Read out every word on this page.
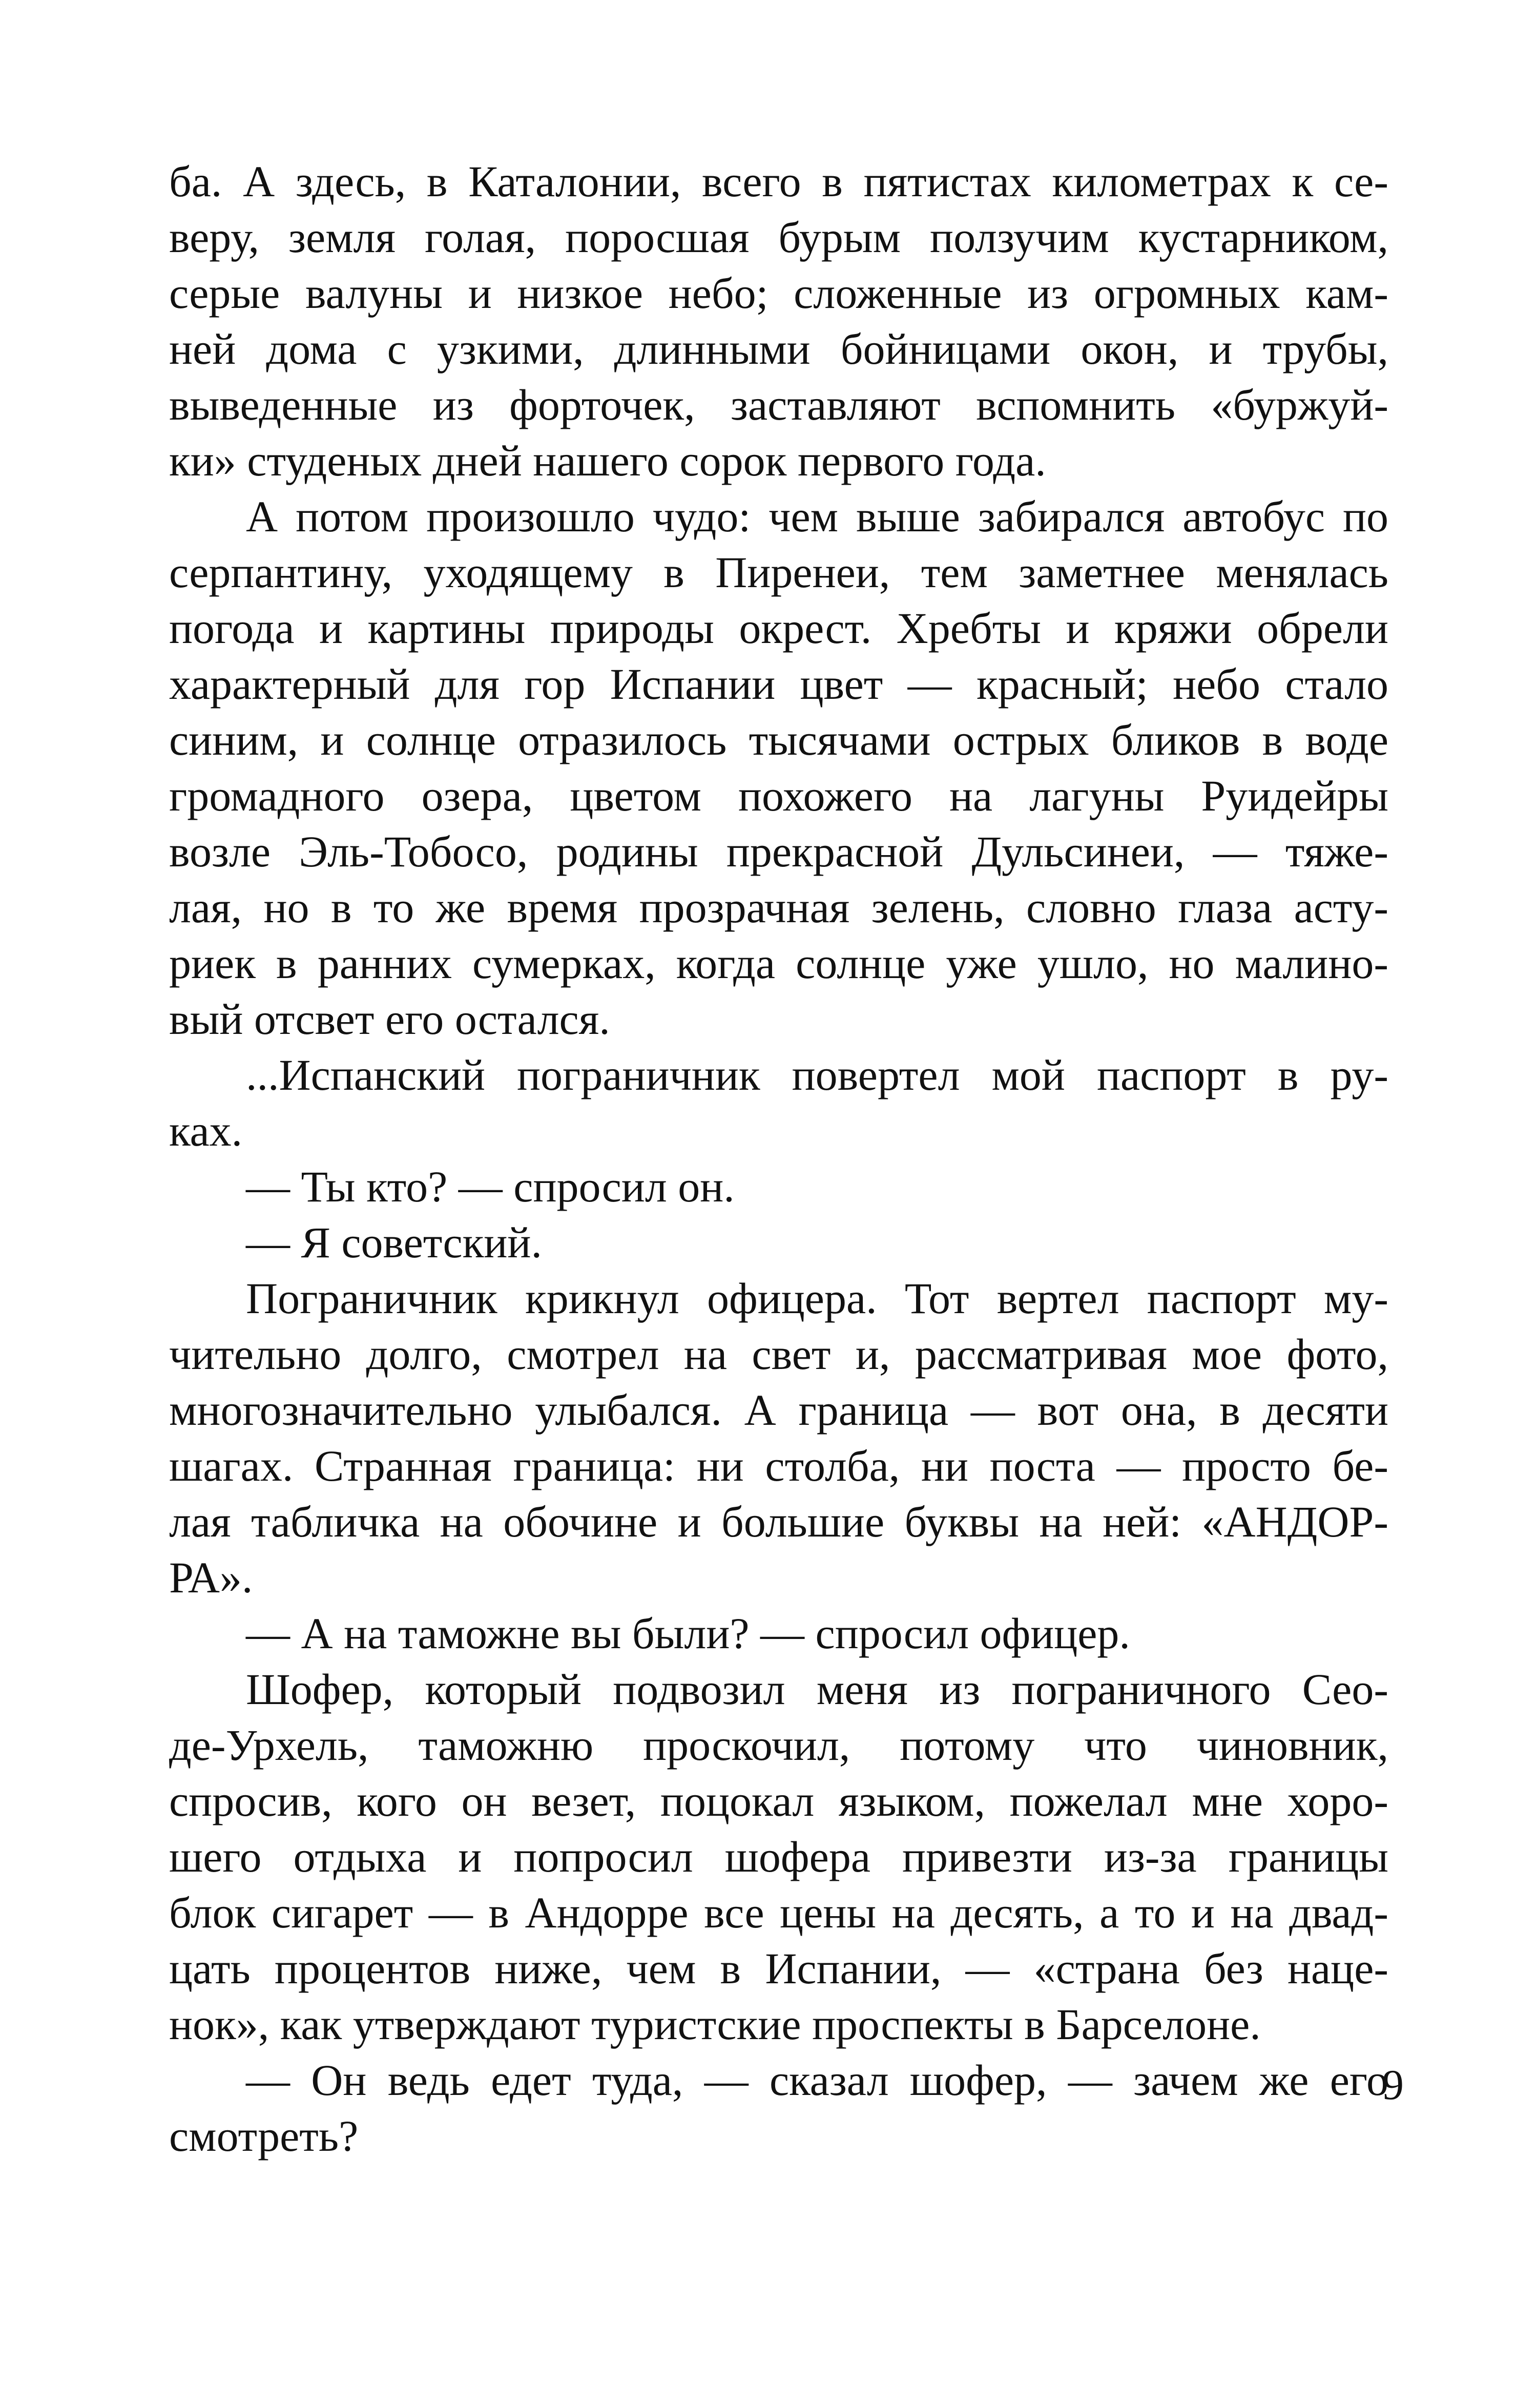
ба. А здесь, в Каталонии, всего в пятистах километрах к се-
веру, земля голая, поросшая бурым ползучим кустарником,
серые валуны и низкое небо; сложенные из огромных кам-
ней дома с узкими, длинными бойницами окон, и трубы,
выведенные из форточек, заставляют вспомнить «буржуй-
ки» студеных дней нашего сорок первого года.
А потом произошло чудо: чем выше забирался автобус по
серпантину, уходящему в Пиренеи, тем заметнее менялась
погода и картины природы окрест. Хребты и кряжи обрели
характерный для гор Испании цвет — красный; небо стало
синим, и солнце отразилось тысячами острых бликов в воде
громадного озера, цветом похожего на лагуны Руидейры
возле Эль-Тобосо, родины прекрасной Дульсинеи, — тяже-
лая, но в то же время прозрачная зелень, словно глаза асту-
риек в ранних сумерках, когда солнце уже ушло, но малино-
вый отсвет его остался.
...Испанский пограничник повертел мой паспорт в ру-
ках.
— Ты кто? — спросил он.
— Я советский.
Пограничник крикнул офицера. Тот вертел паспорт му-
чительно долго, смотрел на свет и, рассматривая мое фото,
многозначительно улыбался. А граница — вот она, в десяти
шагах. Странная граница: ни столба, ни поста — просто бе-
лая табличка на обочине и большие буквы на ней: «АНДОР-
РА».
— А на таможне вы были? — спросил офицер.
Шофер, который подвозил меня из пограничного Сео-
де-Урхель, таможню проскочил, потому что чиновник,
спросив, кого он везет, поцокал языком, пожелал мне хоро-
шего отдыха и попросил шофера привезти из-за границы
блок сигарет — в Андорре все цены на десять, а то и на двад-
цать процентов ниже, чем в Испании, — «страна без наце-
нок», как утверждают туристские проспекты в Барселоне.
— Он ведь едет туда, — сказал шофер, — зачем же его
смотреть?
9
